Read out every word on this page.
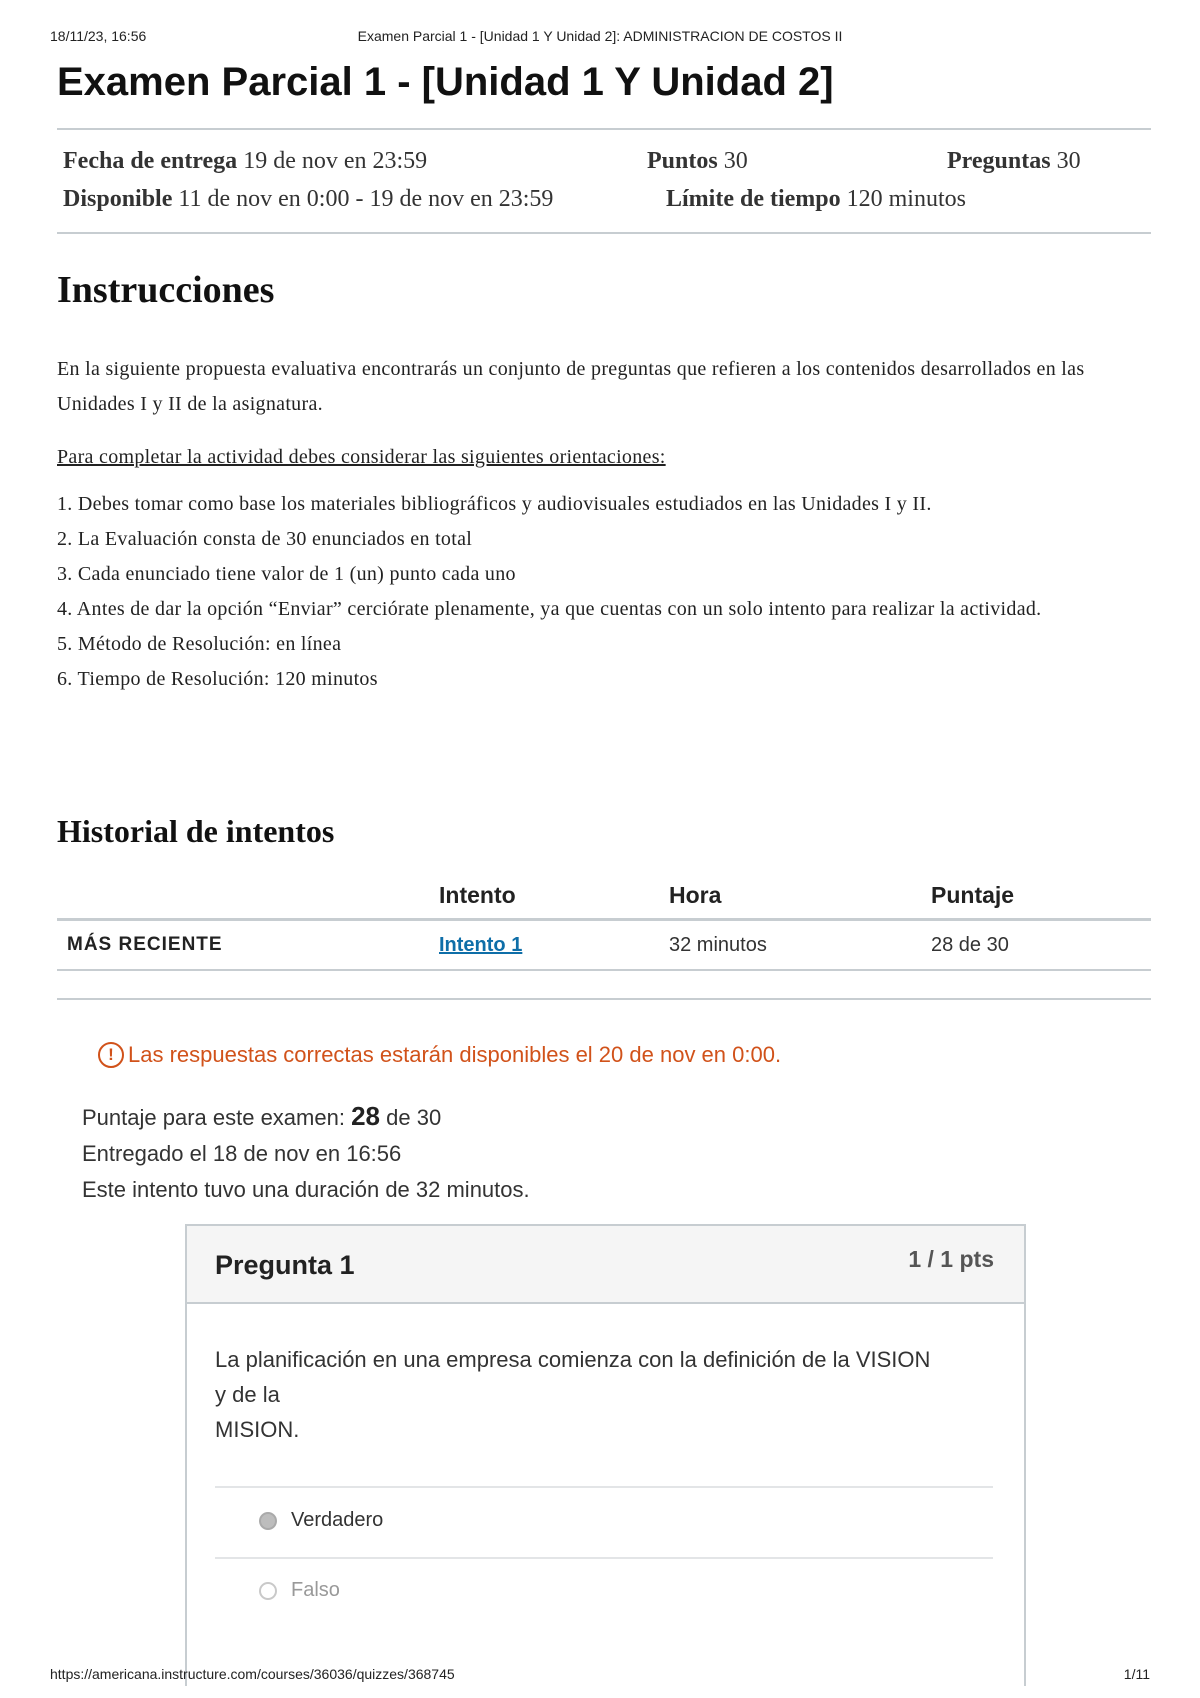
18/11/23, 16:56	Examen Parcial 1 - [Unidad 1 Y Unidad 2]: ADMINISTRACION DE COSTOS II
Examen Parcial 1 - [Unidad 1 Y Unidad 2]
Fecha de entrega 19 de nov en 23:59	Puntos 30	Preguntas 30
Disponible 11 de nov en 0:00 - 19 de nov en 23:59	Límite de tiempo 120 minutos
Instrucciones

En la siguiente propuesta evaluativa encontrarás un conjunto de preguntas que refieren a los contenidos desarrollados en las Unidades I y II de la asignatura.

Para completar la actividad debes considerar las siguientes orientaciones:

1. Debes tomar como base los materiales bibliográficos y audiovisuales estudiados en las Unidades I y II.
2. La Evaluación consta de 30 enunciados en total
3. Cada enunciado tiene valor de 1 (un) punto cada uno
4. Antes de dar la opción “Enviar” cerciórate plenamente, ya que cuentas con un solo intento para realizar la actividad.
5. Método de Resolución: en línea
6. Tiempo de Resolución: 120 minutos
Historial de intentos
	Intento	Hora	Puntaje
MÁS RECIENTE	Intento 1	32 minutos	28 de 30
! Las respuestas correctas estarán disponibles el 20 de nov en 0:00.
Puntaje para este examen: 28 de 30
Entregado el 18 de nov en 16:56
Este intento tuvo una duración de 32 minutos.
Pregunta 1	1 / 1 pts
La planificación en una empresa comienza con la definición de la VISION
y de la
MISION.
Verdadero
Falso
https://americana.instructure.com/courses/36036/quizzes/368745	1/11
